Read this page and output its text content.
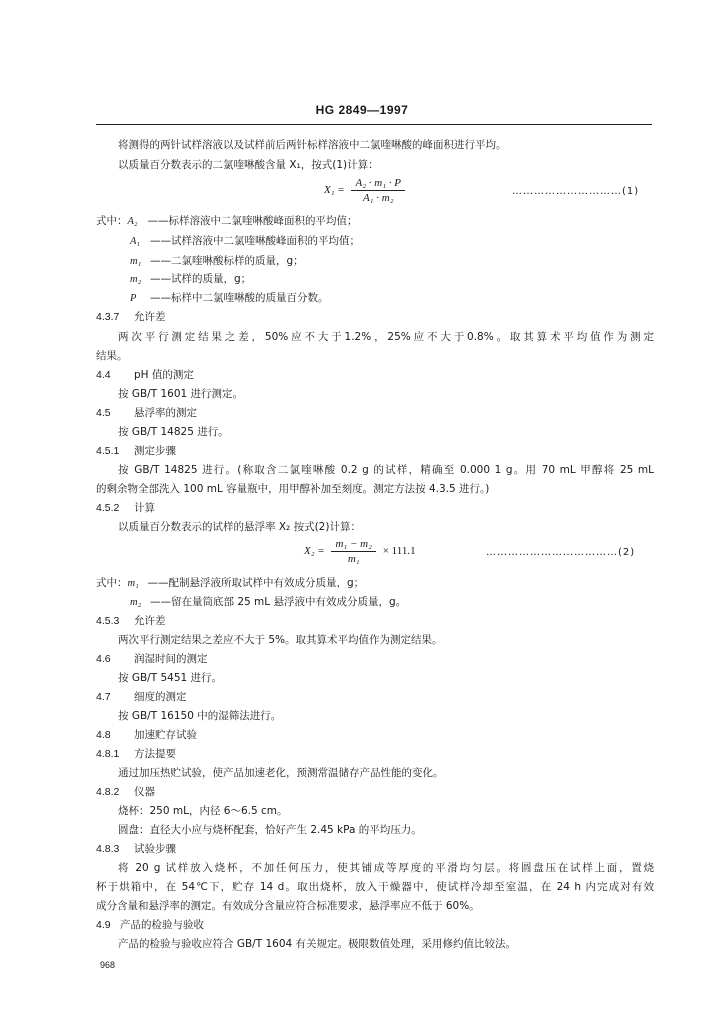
HG 2849—1997
将测得的两针试样溶液以及试样前后两针标样溶液中二氯喹啉酸的峰面积进行平均。
以质量百分数表示的二氯喹啉酸含量 X₁，按式(1)计算：
$X_1 = \frac{\text{A₂ · m₁ · P}}{\text{A₁ · m₂}}$	…………………………(1)
式中：A₂ ——标样溶液中二氯喹啉酸峰面积的平均值；
A₁ ——试样溶液中二氯喹啉酸峰面积的平均值；
m₁ ——二氯喹啉酸标样的质量，g；
m₂ ——试样的质量，g；
P ——标样中二氯喹啉酸的质量百分数。
4.3.7 允许差
两次平行测定结果之差，50%应不大于1.2%，25%应不大于0.8%。取其算术平均值作为测定
结果。
4.4 pH 值的测定
按 GB/T 1601 进行测定。
4.5 悬浮率的测定
按 GB/T 14825 进行。
4.5.1 测定步骤
按 GB/T 14825 进行。(称取含二氯喹啉酸 0.2 g 的试样，精确至 0.000 1 g。用 70 mL 甲醇将 25 mL
的剩余物全部洗入 100 mL 容量瓶中，用甲醇补加至刻度。测定方法按 4.3.5 进行。)
4.5.2 计算
以质量百分数表示的试样的悬浮率 X₂ 按式(2)计算：
$X_2 = \frac{\text{m₁ − m₂}}{\text{m₁}} \times 111.1$	………………………………(2)
式中：m₁ ——配制悬浮液所取试样中有效成分质量，g；
m₂ ——留在量筒底部 25 mL 悬浮液中有效成分质量，g。
4.5.3 允许差
两次平行测定结果之差应不大于 5%。取其算术平均值作为测定结果。
4.6 润湿时间的测定
按 GB/T 5451 进行。
4.7 细度的测定
按 GB/T 16150 中的湿筛法进行。
4.8 加速贮存试验
4.8.1 方法提要
通过加压热贮试验，使产品加速老化，预测常温储存产品性能的变化。
4.8.2 仪器
烧杯：250 mL，内径 6～6.5 cm。
圆盘：直径大小应与烧杯配套，恰好产生 2.45 kPa 的平均压力。
4.8.3 试验步骤
将 20 g 试样放入烧杯，不加任何压力，使其铺成等厚度的平滑均匀层。将圆盘压在试样上面，置烧
杯于烘箱中，在 54℃下，贮存 14 d。取出烧杯，放入干燥器中，使试样冷却至室温，在 24 h 内完成对有效
成分含量和悬浮率的测定。有效成分含量应符合标准要求，悬浮率应不低于 60%。
4.9 产品的检验与验收
产品的检验与验收应符合 GB/T 1604 有关规定。极限数值处理，采用修约值比较法。
968
